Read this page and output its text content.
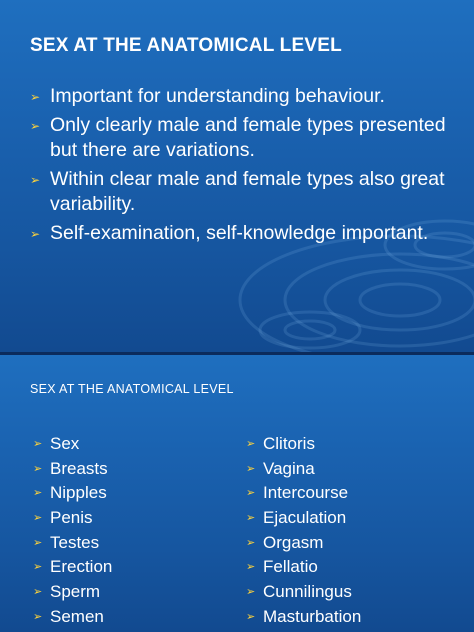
SEX AT THE ANATOMICAL LEVEL
➢ Important for understanding behaviour.
➢ Only clearly male and female types presented but there are variations.
➢ Within clear male and female types also great variability.
➢ Self-examination, self-knowledge important.
SEX AT THE ANATOMICAL LEVEL
➢ Sex
➢ Breasts
➢ Nipples
➢ Penis
➢ Testes
➢ Erection
➢ Sperm
➢ Semen
➢ Clitoris
➢ Vagina
➢ Intercourse
➢ Ejaculation
➢ Orgasm
➢ Fellatio
➢ Cunnilingus
➢ Masturbation
